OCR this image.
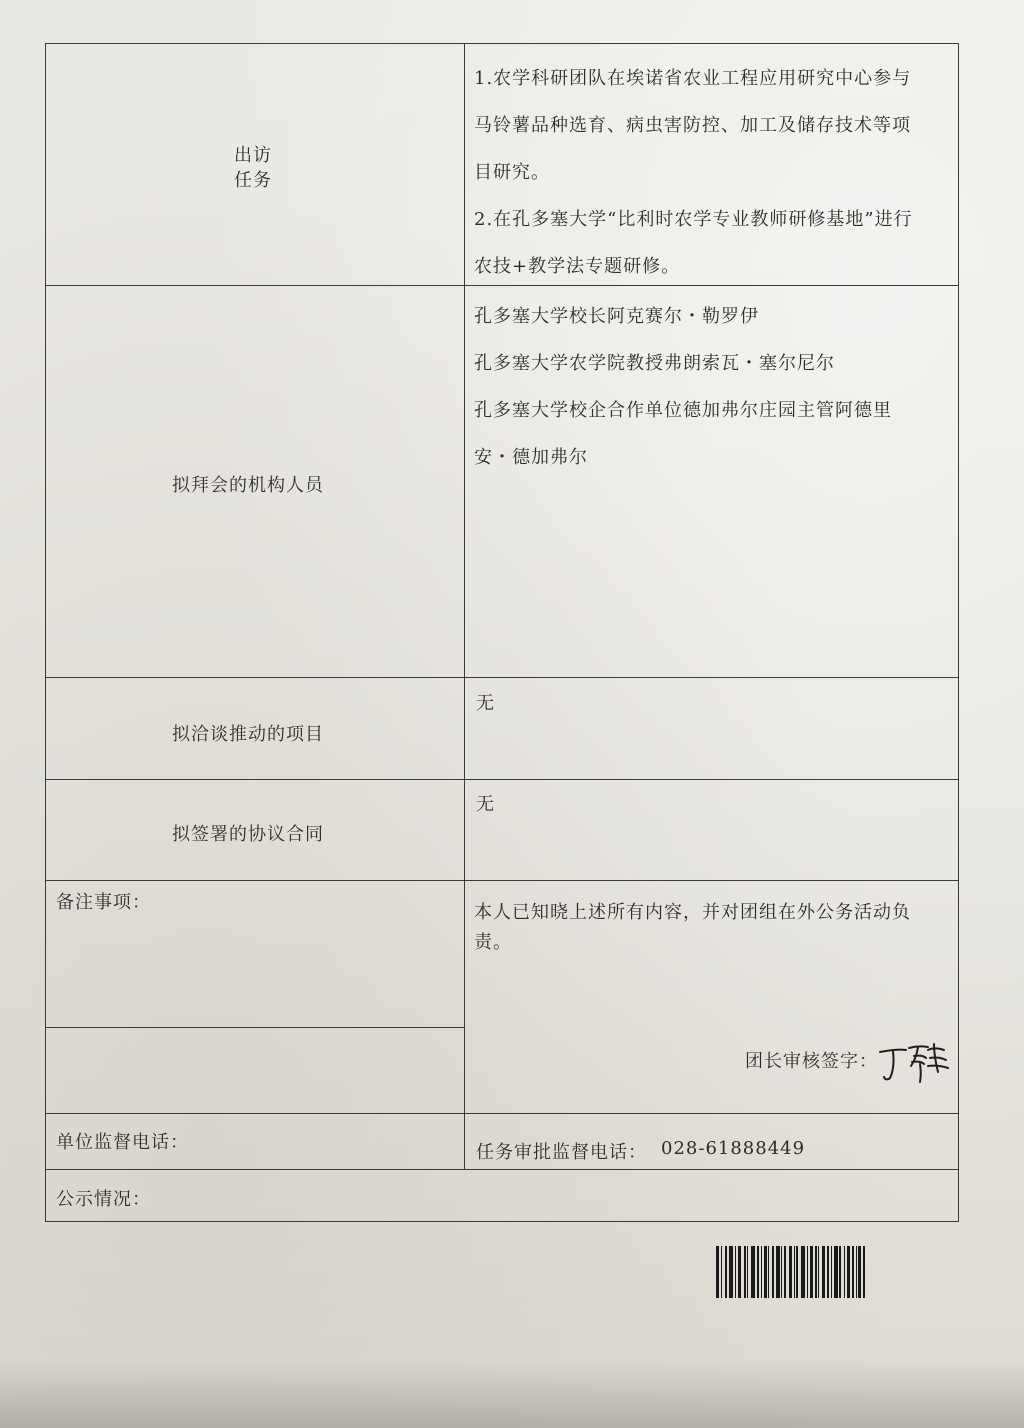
出访
任务

1.农学科研团队在埃诺省农业工程应用研究中心参与

马铃薯品种选育、病虫害防控、加工及储存技术等项

目研究。

2.在孔多塞大学“比利时农学专业教师研修基地”进行

农技+教学法专题研修。

拟拜会的机构人员

孔多塞大学校长阿克赛尔・勒罗伊

孔多塞大学农学院教授弗朗索瓦・塞尔尼尔

孔多塞大学校企合作单位德加弗尔庄园主管阿德里

安・德加弗尔

拟洽谈推动的项目
无
拟签署的协议合同
无
备注事项：	本人已知晓上述所有内容，并对团组在外公务活动负
责。
团长审核签字：
单位监督电话：	任务审批监督电话： 028-61888449
公示情况：
